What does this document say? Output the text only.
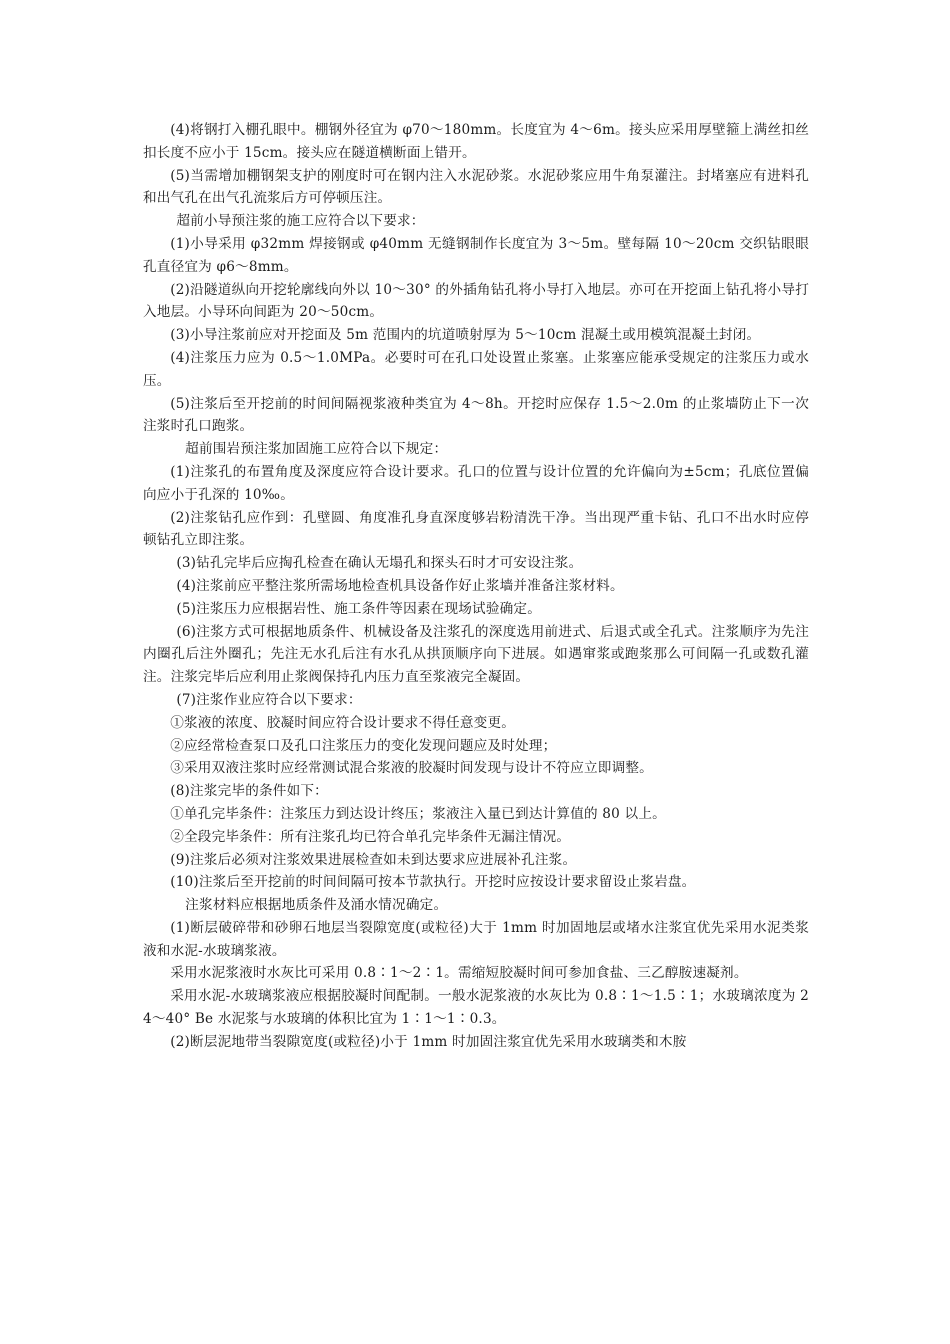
(4)将钢打入棚孔眼中。棚钢外径宜为 φ70～180mm。长度宜为 4～6m。接头应采用厚壁箍上满丝扣丝扣长度不应小于 15cm。接头应在隧道横断面上错开。

(5)当需增加棚钢架支护的刚度时可在钢内注入水泥砂浆。水泥砂浆应用牛角泵灌注。封堵塞应有进料孔和出气孔在出气孔流浆后方可停顿压注。

超前小导预注浆的施工应符合以下要求：

(1)小导采用 φ32mm 焊接钢或 φ40mm 无缝钢制作长度宜为 3～5m。壁每隔 10～20cm 交织钻眼眼孔直径宜为 φ6～8mm。

(2)沿隧道纵向开挖轮廓线向外以 10～30° 的外插角钻孔将小导打入地层。亦可在开挖面上钻孔将小导打入地层。小导环向间距为 20～50cm。

(3)小导注浆前应对开挖面及 5m 范围内的坑道喷射厚为 5～10cm 混凝土或用模筑混凝土封闭。

(4)注浆压力应为 0.5～1.0MPa。必要时可在孔口处设置止浆塞。止浆塞应能承受规定的注浆压力或水压。

(5)注浆后至开挖前的时间间隔视浆液种类宜为 4～8h。开挖时应保存 1.5～2.0m 的止浆墙防止下一次注浆时孔口跑浆。

超前围岩预注浆加固施工应符合以下规定：

(1)注浆孔的布置角度及深度应符合设计要求。孔口的位置与设计位置的允许偏向为±5cm；孔底位置偏向应小于孔深的 10‰。

(2)注浆钻孔应作到：孔壁圆、角度准孔身直深度够岩粉清洗干净。当出现严重卡钻、孔口不出水时应停顿钻孔立即注浆。

(3)钻孔完毕后应掏孔检查在确认无塌孔和探头石时才可安设注浆。

(4)注浆前应平整注浆所需场地检查机具设备作好止浆墙并准备注浆材料。

(5)注浆压力应根据岩性、施工条件等因素在现场试验确定。

(6)注浆方式可根据地质条件、机械设备及注浆孔的深度选用前进式、后退式或全孔式。注浆顺序为先注内圈孔后注外圈孔；先注无水孔后注有水孔从拱顶顺序向下进展。如遇窜浆或跑浆那么可间隔一孔或数孔灌注。注浆完毕后应利用止浆阀保持孔内压力直至浆液完全凝固。

(7)注浆作业应符合以下要求：

①浆液的浓度、胶凝时间应符合设计要求不得任意变更。

②应经常检查泵口及孔口注浆压力的变化发现问题应及时处理；

③采用双液注浆时应经常测试混合浆液的胶凝时间发现与设计不符应立即调整。

(8)注浆完毕的条件如下：

①单孔完毕条件：注浆压力到达设计终压；浆液注入量已到达计算值的 80 以上。

②全段完毕条件：所有注浆孔均已符合单孔完毕条件无漏注情况。

(9)注浆后必须对注浆效果进展检查如未到达要求应进展补孔注浆。

(10)注浆后至开挖前的时间间隔可按本节款执行。开挖时应按设计要求留设止浆岩盘。

注浆材料应根据地质条件及涌水情况确定。

(1)断层破碎带和砂卵石地层当裂隙宽度(或粒径)大于 1mm 时加固地层或堵水注浆宜优先采用水泥类浆液和水泥-水玻璃浆液。

采用水泥浆液时水灰比可采用 0.8∶1～2∶1。需缩短胶凝时间可参加食盐、三乙醇胺速凝剂。

采用水泥-水玻璃浆液应根据胶凝时间配制。一般水泥浆液的水灰比为 0.8∶1～1.5∶1；水玻璃浓度为 24～40° Be 水泥浆与水玻璃的体积比宜为 1∶1～1∶0.3。

(2)断层泥地带当裂隙宽度(或粒径)小于 1mm 时加固注浆宜优先采用水玻璃类和木胺
